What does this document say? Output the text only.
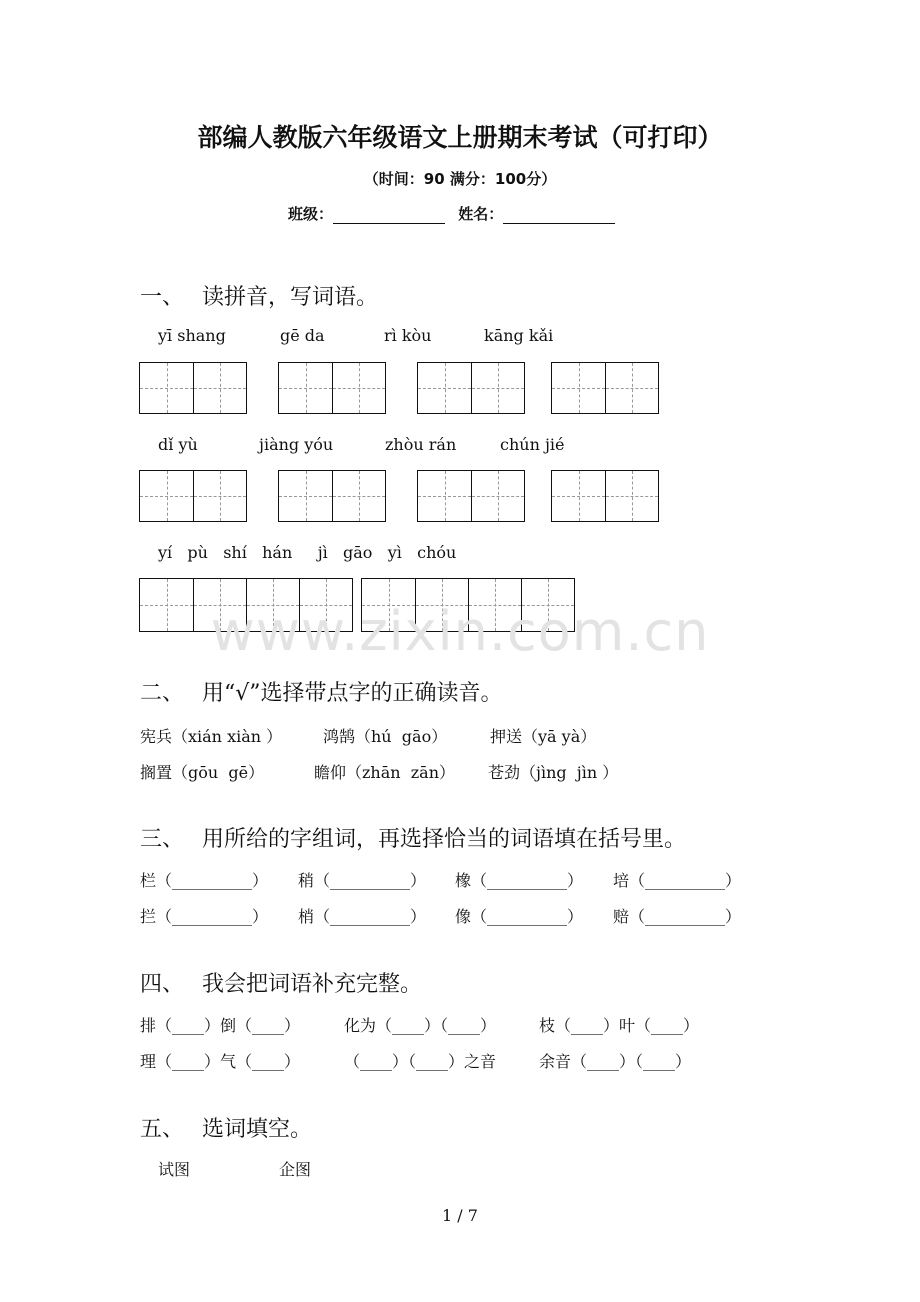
部编人教版六年级语文上册期末考试（可打印）
（时间：90 满分：100分）
班级：	姓名：
一、 读拼音，写词语。
yī shang	gē da	rì kòu	kāng kǎi
dǐ yù	jiàng yóu	zhòu rán	chún jié
yí   pù   shí   hán     jì   gāo   yì   chóu
www.zixin.com.cn
二、 用“√”选择带点字的正确读音。
宪兵（xián xiàn ）	鸿鹄（hú  gāo）	押送（yā yà）
搁置（gōu  gē）	瞻仰（zhān  zān） 苍劲（jìng  jìn ）
三、 用所给的字组词，再选择恰当的词语填在括号里。
栏（__________） 稍（__________） 橡（__________） 培（__________）
拦（__________） 梢（__________） 像（__________） 赔（__________）
四、 我会把词语补充完整。
排（____）倒（____）	化为（____）（____）	枝（____）叶（____）
理（____）气（____）	（____）（____）之音	余音（____）（____）
五、 选词填空。
试图	企图
1 / 7
